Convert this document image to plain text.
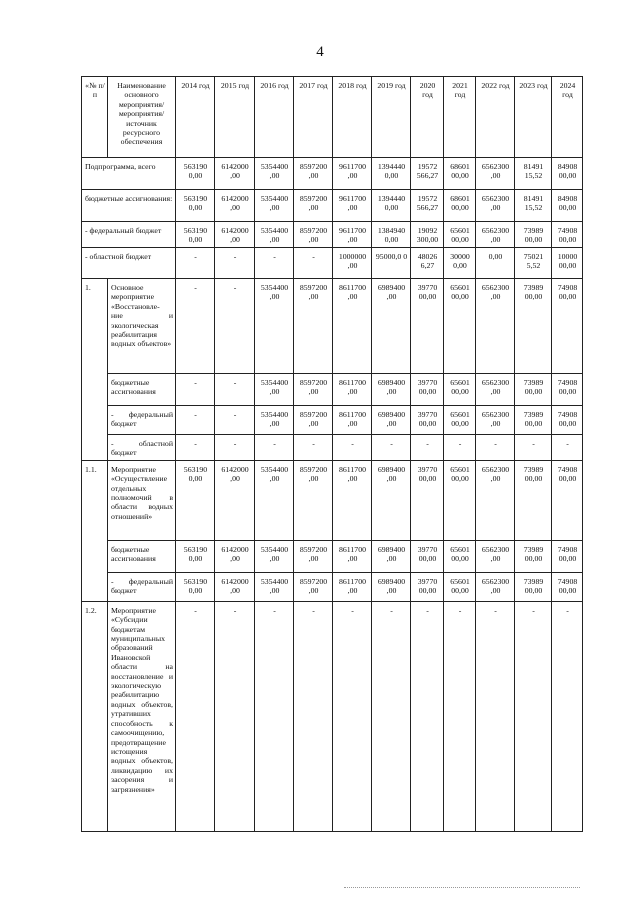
4
«№ п/п	Наименование основного мероприятия/ мероприятия/ источник ресурсного обеспечения	2014 год	2015 год	2016 год	2017 год	2018 год	2019 год	2020 год	2021 год	2022 год	2023 год	2024 год
Подпрограмма, всего		563190 0,00	6142000 ,00	5354400 ,00	8597200 ,00	9611700 ,00	1394440 0,00	19572 566,27	68601 00,00	6562300 ,00	81491 15,52	84908 00,00
бюджетные ассигнования:		563190 0,00	6142000 ,00	5354400 ,00	8597200 ,00	9611700 ,00	1394440 0,00	19572 566,27	68601 00,00	6562300 ,00	81491 15,52	84908 00,00
- федеральный бюджет		563190 0,00	6142000 ,00	5354400 ,00	8597200 ,00	9611700 ,00	1384940 0,00	19092 300,00	65601 00,00	6562300 ,00	73989 00,00	74908 00,00
- областной бюджет		-	-	-	-	1000000 ,00	95000,0 0	48026 6,27	30000 0,00	0,00	75021 5,52	10000 00,00
1.	Основное мероприятие «Восстановле- ние и экологическая реабилитация водных объектов»	-	-	5354400 ,00	8597200 ,00	8611700 ,00	6989400 ,00	39770 00,00	65601 00,00	6562300 ,00	73989 00,00	74908 00,00
	бюджетные ассигнования	-	-	5354400 ,00	8597200 ,00	8611700 ,00	6989400 ,00	39770 00,00	65601 00,00	6562300 ,00	73989 00,00	74908 00,00
	- федеральный бюджет	-	-	5354400 ,00	8597200 ,00	8611700 ,00	6989400 ,00	39770 00,00	65601 00,00	6562300 ,00	73989 00,00	74908 00,00
	- областной бюджет	-	-	-	-	-	-	-	-	-	-	-
1.1.	Мероприятие «Осуществление отдельных полномочий в области водных отношений»	563190 0,00	6142000 ,00	5354400 ,00	8597200 ,00	8611700 ,00	6989400 ,00	39770 00,00	65601 00,00	6562300 ,00	73989 00,00	74908 00,00
	бюджетные ассигнования	563190 0,00	6142000 ,00	5354400 ,00	8597200 ,00	8611700 ,00	6989400 ,00	39770 00,00	65601 00,00	6562300 ,00	73989 00,00	74908 00,00
	- федеральный бюджет	563190 0,00	6142000 ,00	5354400 ,00	8597200 ,00	8611700 ,00	6989400 ,00	39770 00,00	65601 00,00	6562300 ,00	73989 00,00	74908 00,00
1.2.	Мероприятие «Субсидии бюджетам муниципальных образований Ивановской области на восстановление и экологическую реабилитацию водных объектов, утративших способность к самоочищению, предотвращение истощения водных объектов, ликвидацию их засорения и загрязнения»	-	-	-	-	-	-	-	-	-	-	-
